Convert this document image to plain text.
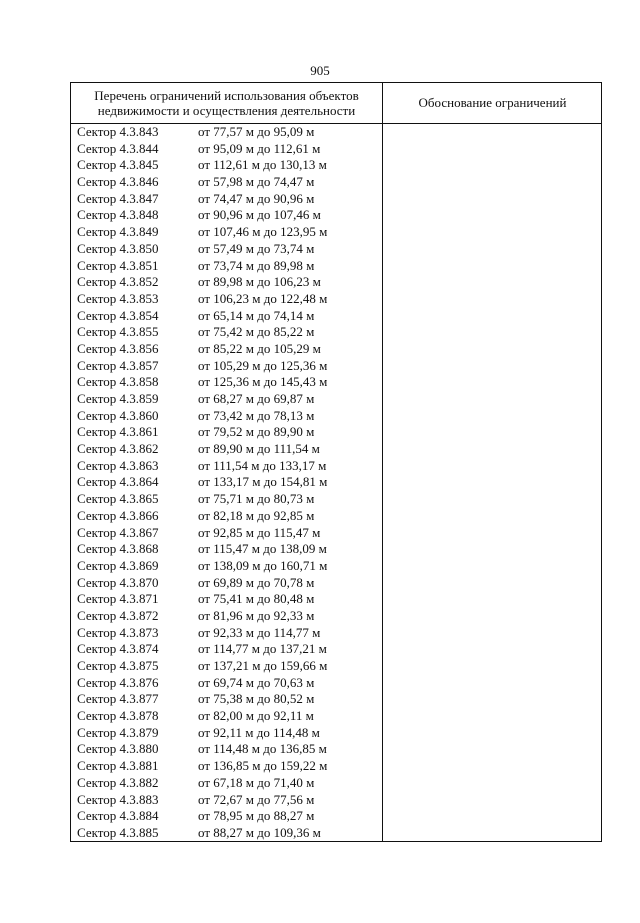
905
Перечень ограничений использования объектов
недвижимости и осуществления деятельности
Обоснование ограничений
Сектор 4.3.843	от 77,57 м до 95,09 м
Сектор 4.3.844	от 95,09 м до 112,61 м
Сектор 4.3.845	от 112,61 м до 130,13 м
Сектор 4.3.846	от 57,98 м до 74,47 м
Сектор 4.3.847	от 74,47 м до 90,96 м
Сектор 4.3.848	от 90,96 м до 107,46 м
Сектор 4.3.849	от 107,46 м до 123,95 м
Сектор 4.3.850	от 57,49 м до 73,74 м
Сектор 4.3.851	от 73,74 м до 89,98 м
Сектор 4.3.852	от 89,98 м до 106,23 м
Сектор 4.3.853	от 106,23 м до 122,48 м
Сектор 4.3.854	от 65,14 м до 74,14 м
Сектор 4.3.855	от 75,42 м до 85,22 м
Сектор 4.3.856	от 85,22 м до 105,29 м
Сектор 4.3.857	от 105,29 м до 125,36 м
Сектор 4.3.858	от 125,36 м до 145,43 м
Сектор 4.3.859	от 68,27 м до 69,87 м
Сектор 4.3.860	от 73,42 м до 78,13 м
Сектор 4.3.861	от 79,52 м до 89,90 м
Сектор 4.3.862	от 89,90 м до 111,54 м
Сектор 4.3.863	от 111,54 м до 133,17 м
Сектор 4.3.864	от 133,17 м до 154,81 м
Сектор 4.3.865	от 75,71 м до 80,73 м
Сектор 4.3.866	от 82,18 м до 92,85 м
Сектор 4.3.867	от 92,85 м до 115,47 м
Сектор 4.3.868	от 115,47 м до 138,09 м
Сектор 4.3.869	от 138,09 м до 160,71 м
Сектор 4.3.870	от 69,89 м до 70,78 м
Сектор 4.3.871	от 75,41 м до 80,48 м
Сектор 4.3.872	от 81,96 м до 92,33 м
Сектор 4.3.873	от 92,33 м до 114,77 м
Сектор 4.3.874	от 114,77 м до 137,21 м
Сектор 4.3.875	от 137,21 м до 159,66 м
Сектор 4.3.876	от 69,74 м до 70,63 м
Сектор 4.3.877	от 75,38 м до 80,52 м
Сектор 4.3.878	от 82,00 м до 92,11 м
Сектор 4.3.879	от 92,11 м до 114,48 м
Сектор 4.3.880	от 114,48 м до 136,85 м
Сектор 4.3.881	от 136,85 м до 159,22 м
Сектор 4.3.882	от 67,18 м до 71,40 м
Сектор 4.3.883	от 72,67 м до 77,56 м
Сектор 4.3.884	от 78,95 м до 88,27 м
Сектор 4.3.885	от 88,27 м до 109,36 м
